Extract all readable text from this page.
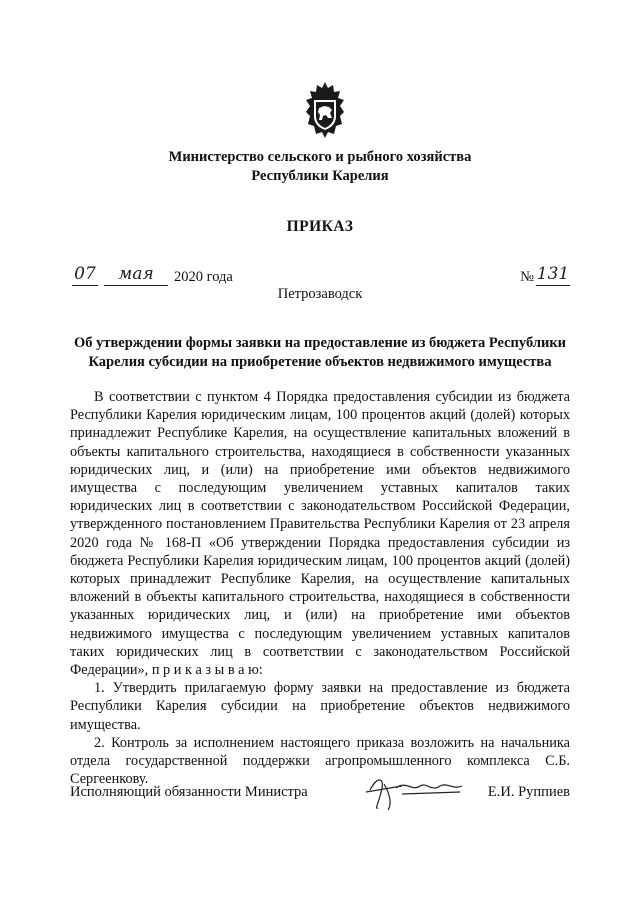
Министерство сельского и рыбного хозяйства
Республики Карелия
ПРИКАЗ
07	мая	2020 года	№ 131
Петрозаводск
Об утверждении формы заявки на предоставление из бюджета Республики
Карелия субсидии на приобретение объектов недвижимого имущества

В соответствии с пунктом 4 Порядка предоставления субсидии из бюджета Республики Карелия юридическим лицам, 100 процентов акций (долей) которых принадлежит Республике Карелия, на осуществление капитальных вложений в объекты капитального строительства, находящиеся в собственности указанных юридических лиц, и (или) на приобретение ими объектов недвижимого имущества с последующим увеличением уставных капиталов таких юридических лиц в соответствии с законодательством Российской Федерации, утвержденного постановлением Правительства Республики Карелия от 23 апреля 2020 года № 168-П «Об утверждении Порядка предоставления субсидии из бюджета Республики Карелия юридическим лицам, 100 процентов акций (долей) которых принадлежит Республике Карелия, на осуществление капитальных вложений в объекты капитального строительства, находящиеся в собственности указанных юридических лиц, и (или) на приобретение ими объектов недвижимого имущества с последующим увеличением уставных капиталов таких юридических лиц в соответствии с законодательством Российской Федерации», п р и к а з ы в а ю:

1. Утвердить прилагаемую форму заявки на предоставление из бюджета Республики Карелия субсидии на приобретение объектов недвижимого имущества.

2. Контроль за исполнением настоящего приказа возложить на начальника отдела государственной поддержки агропромышленного комплекса С.Б. Сергеенкову.

Исполняющий обязанности Министра	Е.И. Руппиев
